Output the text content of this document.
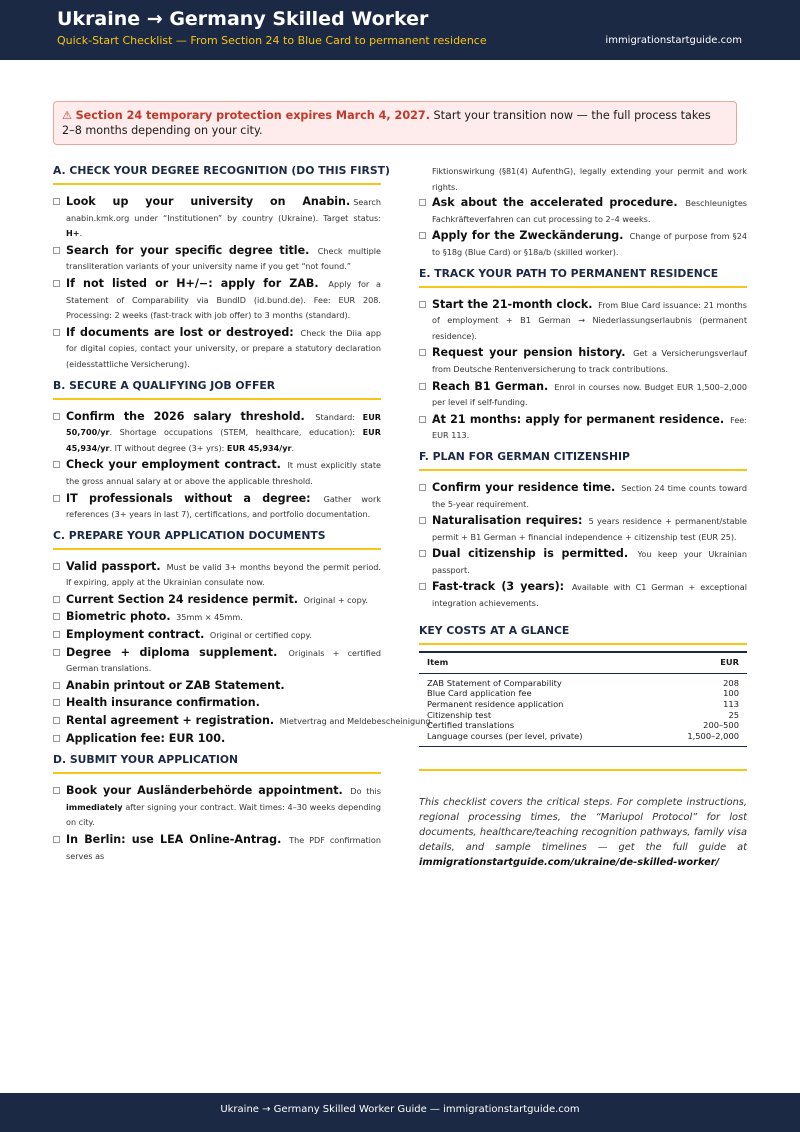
Ukraine → Germany Skilled Worker
Quick-Start Checklist — From Section 24 to Blue Card to permanent residence	immigrationstartguide.com
⚠ Section 24 temporary protection expires March 4, 2027. Start your transition now — the full process takes 2–8 months depending on your city.
A. CHECK YOUR DEGREE RECOGNITION (DO THIS FIRST)
Look up your university on Anabin. Search anabin.kmk.org under “Institutionen” by country (Ukraine). Target status: H+.
Search for your specific degree title. Check multiple transliteration variants of your university name if you get “not found.”
If not listed or H+/−: apply for ZAB. Apply for a Statement of Comparability via BundID (id.bund.de). Fee: EUR 208. Processing: 2 weeks (fast-track with job offer) to 3 months (standard).
If documents are lost or destroyed: Check the Diia app for digital copies, contact your university, or prepare a statutory declaration (eidesstattliche Versicherung).
B. SECURE A QUALIFYING JOB OFFER
Confirm the 2026 salary threshold. Standard: EUR 50,700/yr. Shortage occupations (STEM, healthcare, education): EUR 45,934/yr. IT without degree (3+ yrs): EUR 45,934/yr.
Check your employment contract. It must explicitly state the gross annual salary at or above the applicable threshold.
IT professionals without a degree: Gather work references (3+ years in last 7), certifications, and portfolio documentation.
C. PREPARE YOUR APPLICATION DOCUMENTS
Valid passport. Must be valid 3+ months beyond the permit period. If expiring, apply at the Ukrainian consulate now.
Current Section 24 residence permit. Original + copy.
Biometric photo. 35mm × 45mm.
Employment contract. Original or certified copy.
Degree + diploma supplement. Originals + certified German translations.
Anabin printout or ZAB Statement.
Health insurance confirmation.
Rental agreement + registration. Mietvertrag and Meldebescheinigung.
Application fee: EUR 100.
D. SUBMIT YOUR APPLICATION
Book your Ausländerbehörde appointment. Do this immediately after signing your contract. Wait times: 4–30 weeks depending on city.
In Berlin: use LEA Online-Antrag. The PDF confirmation serves as
Fiktionswirkung (§81(4) AufenthG), legally extending your permit and work rights.
Ask about the accelerated procedure. Beschleunigtes Fachkräfteverfahren can cut processing to 2–4 weeks.
Apply for the Zweckänderung. Change of purpose from §24 to §18g (Blue Card) or §18a/b (skilled worker).
E. TRACK YOUR PATH TO PERMANENT RESIDENCE
Start the 21-month clock. From Blue Card issuance: 21 months of employment + B1 German → Niederlassungserlaubnis (permanent residence).
Request your pension history. Get a Versicherungsverlauf from Deutsche Rentenversicherung to track contributions.
Reach B1 German. Enrol in courses now. Budget EUR 1,500–2,000 per level if self-funding.
At 21 months: apply for permanent residence. Fee: EUR 113.
F. PLAN FOR GERMAN CITIZENSHIP
Confirm your residence time. Section 24 time counts toward the 5-year requirement.
Naturalisation requires: 5 years residence + permanent/stable permit + B1 German + financial independence + citizenship test (EUR 25).
Dual citizenship is permitted. You keep your Ukrainian passport.
Fast-track (3 years): Available with C1 German + exceptional integration achievements.
KEY COSTS AT A GLANCE
Item	EUR
ZAB Statement of Comparability	208
Blue Card application fee	100
Permanent residence application	113
Citizenship test	25
Certified translations	200–500
Language courses (per level, private)	1,500–2,000
This checklist covers the critical steps. For complete instructions, regional processing times, the “Mariupol Protocol” for lost documents, healthcare/teaching recognition pathways, family visa details, and sample timelines — get the full guide at immigrationstartguide.com/ukraine/de-skilled-worker/
Ukraine → Germany Skilled Worker Guide — immigrationstartguide.com
